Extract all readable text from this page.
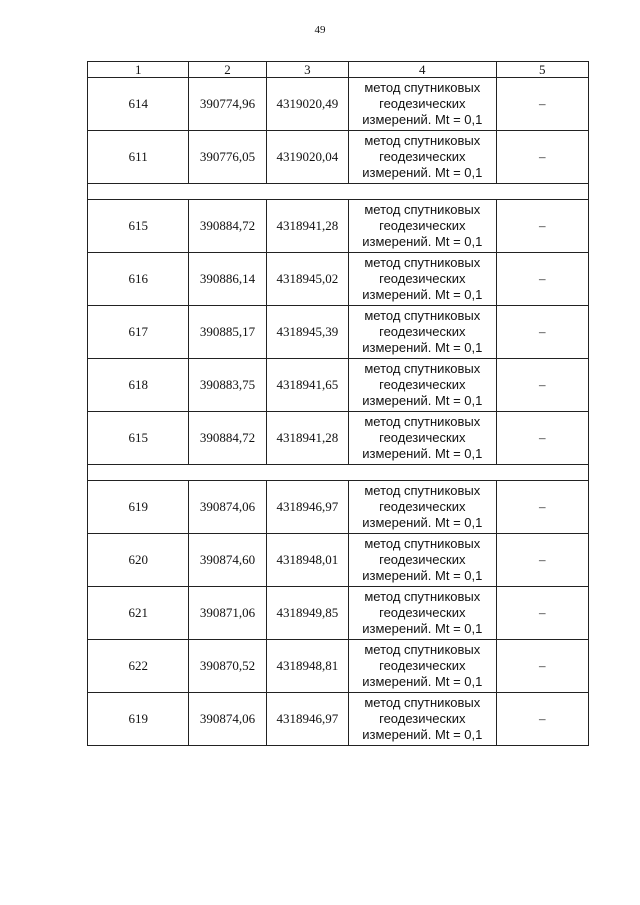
49
1	2	3	4	5
614	390774,96	4319020,49	метод спутниковых
геодезических
измерений. Mt = 0,1	–
611	390776,05	4319020,04	метод спутниковых
геодезических
измерений. Mt = 0,1	–

615	390884,72	4318941,28	метод спутниковых
геодезических
измерений. Mt = 0,1	–
616	390886,14	4318945,02	метод спутниковых
геодезических
измерений. Mt = 0,1	–
617	390885,17	4318945,39	метод спутниковых
геодезических
измерений. Mt = 0,1	–
618	390883,75	4318941,65	метод спутниковых
геодезических
измерений. Mt = 0,1	–
615	390884,72	4318941,28	метод спутниковых
геодезических
измерений. Mt = 0,1	–

619	390874,06	4318946,97	метод спутниковых
геодезических
измерений. Mt = 0,1	–
620	390874,60	4318948,01	метод спутниковых
геодезических
измерений. Mt = 0,1	–
621	390871,06	4318949,85	метод спутниковых
геодезических
измерений. Mt = 0,1	–
622	390870,52	4318948,81	метод спутниковых
геодезических
измерений. Mt = 0,1	–
619	390874,06	4318946,97	метод спутниковых
геодезических
измерений. Mt = 0,1	–
